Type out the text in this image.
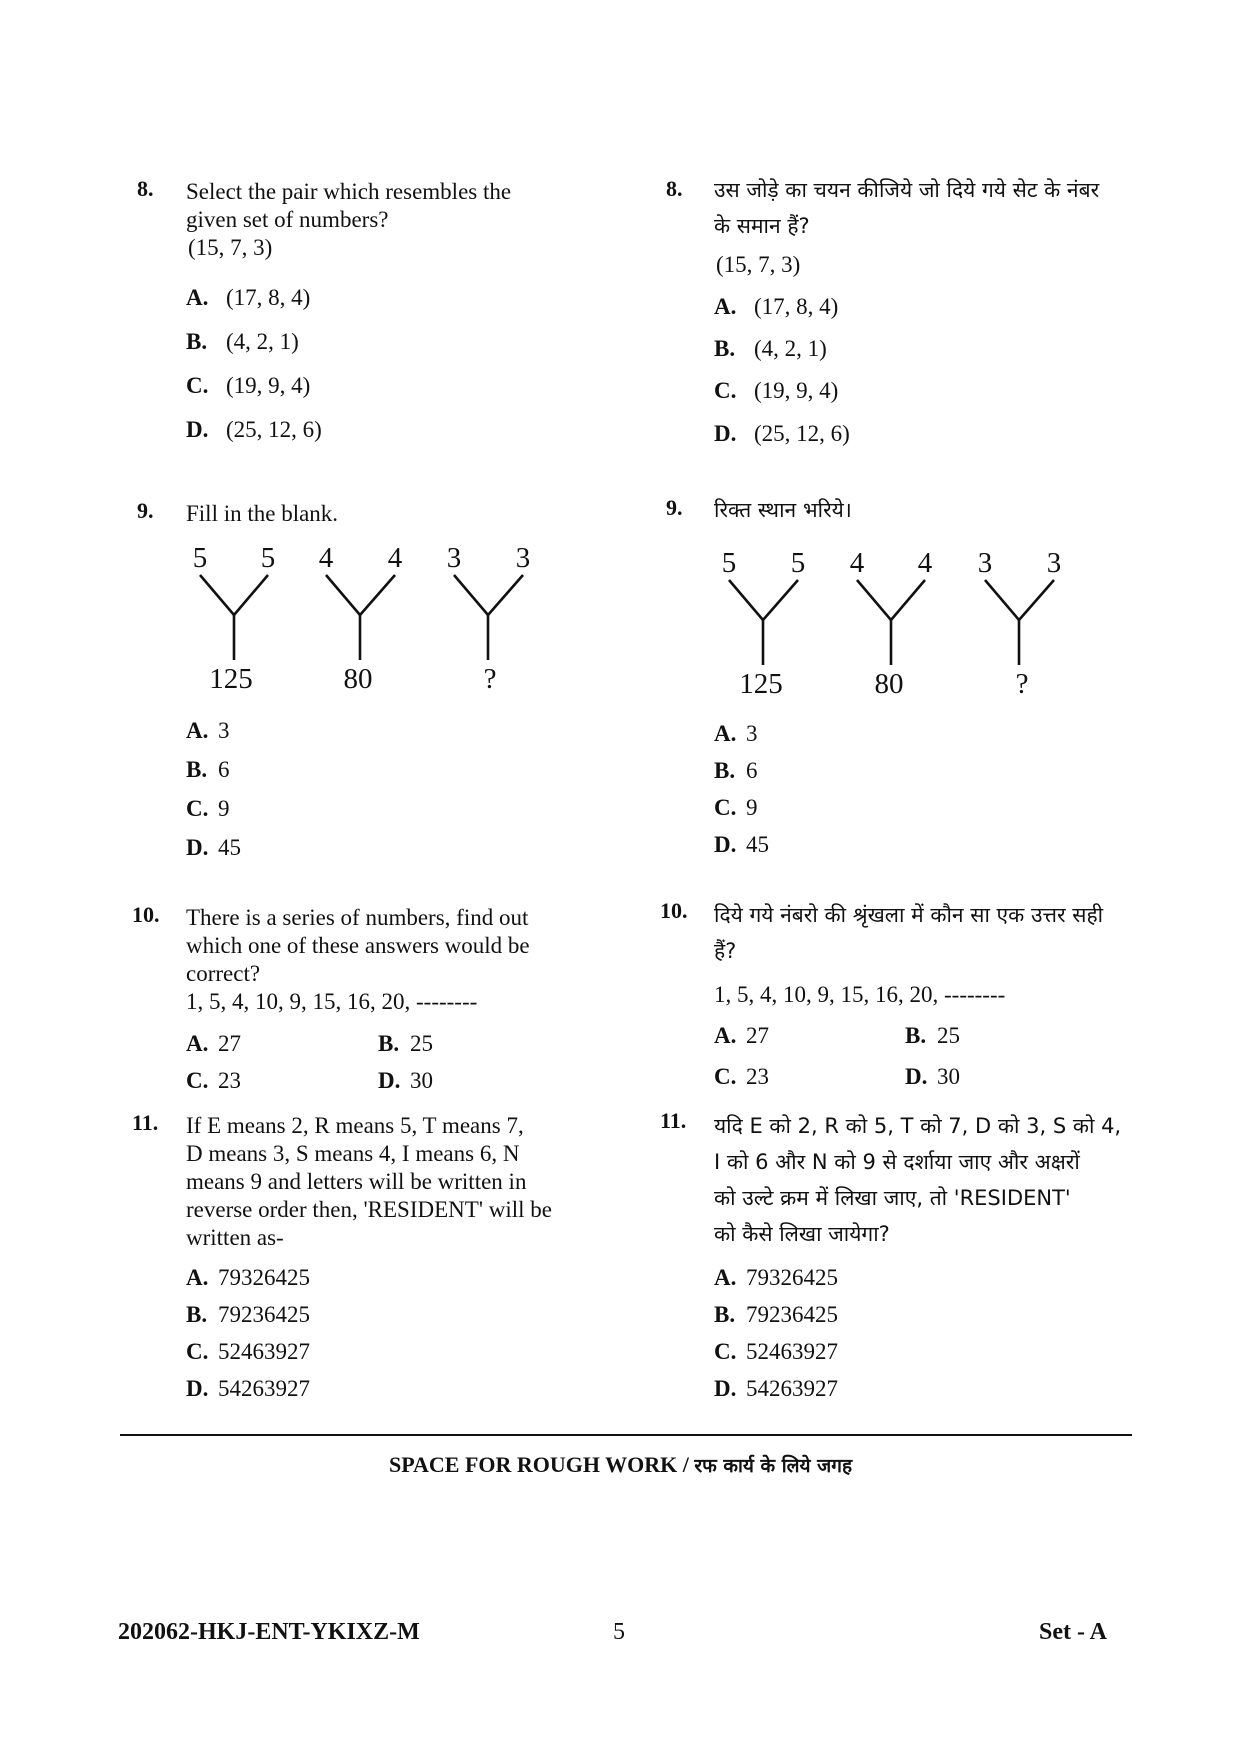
8. Select the pair which resembles the
given set of numbers?
(15, 7, 3)
A. (17, 8, 4)
B. (4, 2, 1)
C. (19, 9, 4)
D. (25, 12, 6)
9. Fill in the blank.
5 5
125
4 4
80
3 3
?
A. 3
B. 6
C. 9
D. 45
10. There is a series of numbers, find out
which one of these answers would be
correct?
1, 5, 4, 10, 9, 15, 16, 20, --------
A. 27	B. 25
C. 23	D. 30
11. If E means 2, R means 5, T means 7,
D means 3, S means 4, I means 6, N
means 9 and letters will be written in
reverse order then, 'RESIDENT' will be
written as-
A. 79326425
B. 79236425
C. 52463927
D. 54263927
8. उस जोड़े का चयन कीजिये जो दिये गये सेट के नंबर
के समान हैं?
(15, 7, 3)
A. (17, 8, 4)
B. (4, 2, 1)
C. (19, 9, 4)
D. (25, 12, 6)
9. रिक्त स्थान भरिये।
5 5
125
4 4
80
3 3
?
A. 3
B. 6
C. 9
D. 45
10. दिये गये नंबरो की श्रृंखला में कौन सा एक उत्तर सही
हैं?
1, 5, 4, 10, 9, 15, 16, 20, --------
A. 27	B. 25
C. 23	D. 30
11. यदि E को 2, R को 5, T को 7, D को 3, S को 4,
I को 6 और N को 9 से दर्शाया जाए और अक्षरों
को उल्टे क्रम में लिखा जाए, तो 'RESIDENT'
को कैसे लिखा जायेगा?
A. 79326425
B. 79236425
C. 52463927
D. 54263927
SPACE FOR ROUGH WORK / रफ कार्य के लिये जगह
202062-HKJ-ENT-YKIXZ-M	5	Set - A
